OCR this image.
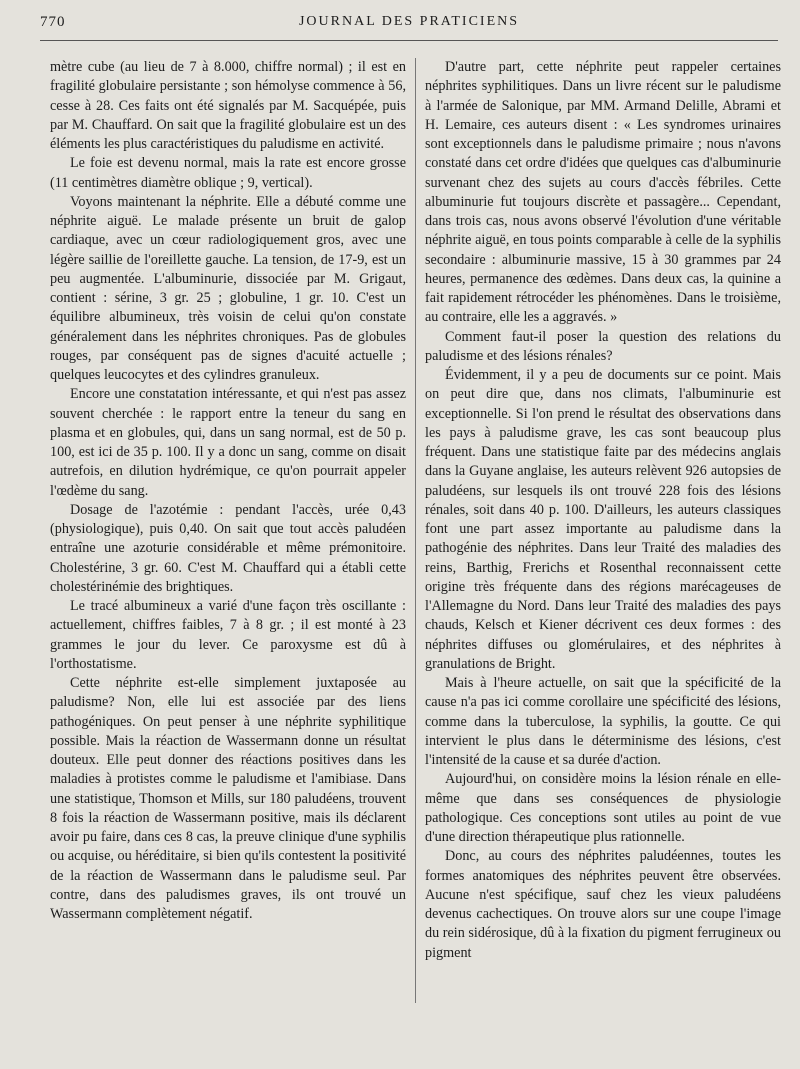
770	JOURNAL DES PRATICIENS

mètre cube (au lieu de 7 à 8.000, chiffre normal) ; il est en fragilité globulaire persistante ; son hémolyse commence à 56, cesse à 28. Ces faits ont été signalés par M. Sacquépée, puis par M. Chauffard. On sait que la fragilité globulaire est un des éléments les plus caractéristiques du paludisme en activité.

Le foie est devenu normal, mais la rate est encore grosse (11 centimètres diamètre oblique ; 9, vertical).

Voyons maintenant la néphrite. Elle a débuté comme une néphrite aiguë. Le malade présente un bruit de galop cardiaque, avec un cœur radiologiquement gros, avec une légère saillie de l'oreillette gauche. La tension, de 17-9, est un peu augmentée. L'albuminurie, dissociée par M. Grigaut, contient : sérine, 3 gr. 25 ; globuline, 1 gr. 10. C'est un équilibre albumineux, très voisin de celui qu'on constate généralement dans les néphrites chroniques. Pas de globules rouges, par conséquent pas de signes d'acuité actuelle ; quelques leucocytes et des cylindres granuleux.

Encore une constatation intéressante, et qui n'est pas assez souvent cherchée : le rapport entre la teneur du sang en plasma et en globules, qui, dans un sang normal, est de 50 p. 100, est ici de 35 p. 100. Il y a donc un sang, comme on disait autrefois, en dilution hydrémique, ce qu'on pourrait appeler l'œdème du sang.

Dosage de l'azotémie : pendant l'accès, urée 0,43 (physiologique), puis 0,40. On sait que tout accès paludéen entraîne une azoturie considérable et même prémonitoire. Cholestérine, 3 gr. 60. C'est M. Chauffard qui a établi cette cholestérinémie des brightiques.

Le tracé albumineux a varié d'une façon très oscillante : actuellement, chiffres faibles, 7 à 8 gr. ; il est monté à 23 grammes le jour du lever. Ce paroxysme est dû à l'orthostatisme.

Cette néphrite est-elle simplement juxtaposée au paludisme? Non, elle lui est associée par des liens pathogéniques. On peut penser à une néphrite syphilitique possible. Mais la réaction de Wassermann donne un résultat douteux. Elle peut donner des réactions positives dans les maladies à protistes comme le paludisme et l'amibiase. Dans une statistique, Thomson et Mills, sur 180 paludéens, trouvent 8 fois la réaction de Wassermann positive, mais ils déclarent avoir pu faire, dans ces 8 cas, la preuve clinique d'une syphilis ou acquise, ou héréditaire, si bien qu'ils contestent la positivité de la réaction de Wassermann dans le paludisme seul. Par contre, dans des paludismes graves, ils ont trouvé un Wassermann complètement négatif.

D'autre part, cette néphrite peut rappeler certaines néphrites syphilitiques. Dans un livre récent sur le paludisme à l'armée de Salonique, par MM. Armand Delille, Abrami et H. Lemaire, ces auteurs disent : « Les syndromes urinaires sont exceptionnels dans le paludisme primaire ; nous n'avons constaté dans cet ordre d'idées que quelques cas d'albuminurie survenant chez des sujets au cours d'accès fébriles. Cette albuminurie fut toujours discrète et passagère... Cependant, dans trois cas, nous avons observé l'évolution d'une véritable néphrite aiguë, en tous points comparable à celle de la syphilis secondaire : albuminurie massive, 15 à 30 grammes par 24 heures, permanence des œdèmes. Dans deux cas, la quinine a fait rapidement rétrocéder les phénomènes. Dans le troisième, au contraire, elle les a aggravés. »

Comment faut-il poser la question des relations du paludisme et des lésions rénales?

Évidemment, il y a peu de documents sur ce point. Mais on peut dire que, dans nos climats, l'albuminurie est exceptionnelle. Si l'on prend le résultat des observations dans les pays à paludisme grave, les cas sont beaucoup plus fréquent. Dans une statistique faite par des médecins anglais dans la Guyane anglaise, les auteurs relèvent 926 autopsies de paludéens, sur lesquels ils ont trouvé 228 fois des lésions rénales, soit dans 40 p. 100. D'ailleurs, les auteurs classiques font une part assez importante au paludisme dans la pathogénie des néphrites. Dans leur Traité des maladies des reins, Barthig, Frerichs et Rosenthal reconnaissent cette origine très fréquente dans des régions marécageuses de l'Allemagne du Nord. Dans leur Traité des maladies des pays chauds, Kelsch et Kiener décrivent ces deux formes : des néphrites diffuses ou glomérulaires, et des néphrites à granulations de Bright.

Mais à l'heure actuelle, on sait que la spécificité de la cause n'a pas ici comme corollaire une spécificité des lésions, comme dans la tuberculose, la syphilis, la goutte. Ce qui intervient le plus dans le déterminisme des lésions, c'est l'intensité de la cause et sa durée d'action.

Aujourd'hui, on considère moins la lésion rénale en elle-même que dans ses conséquences de physiologie pathologique. Ces conceptions sont utiles au point de vue d'une direction thérapeutique plus rationnelle.

Donc, au cours des néphrites paludéennes, toutes les formes anatomiques des néphrites peuvent être observées. Aucune n'est spécifique, sauf chez les vieux paludéens devenus cachectiques. On trouve alors sur une coupe l'image du rein sidérosique, dû à la fixation du pigment ferrugineux ou pigment
